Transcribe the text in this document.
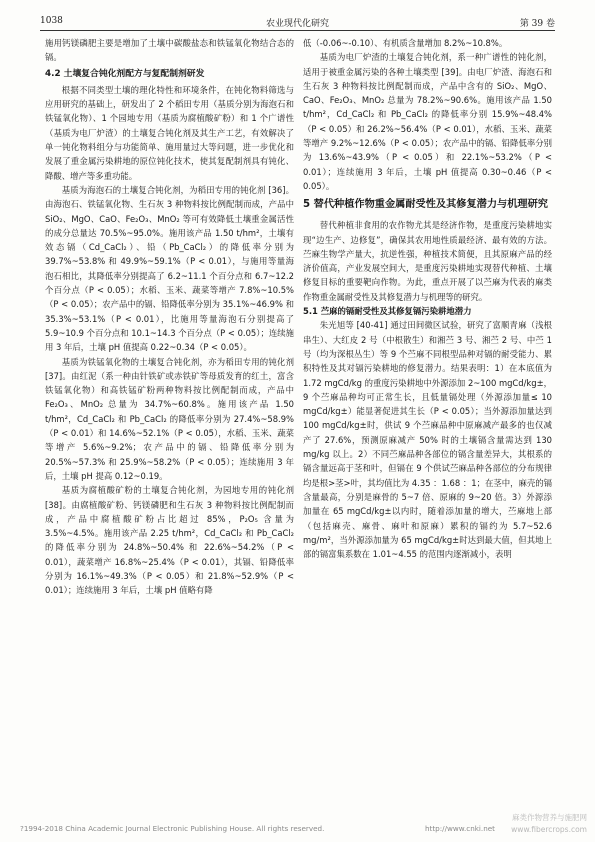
1038	农业现代化研究	第 39 卷

施用钙镁磷肥主要是增加了土壤中碳酸盐态和铁锰氧化物结合态的镉。

4.2 土壤复合钝化剂配方与复配制剂研发

根据不同类型土壤的理化特性和环境条件，在钝化物料筛选与应用研究的基础上，研发出了 2 个稻田专用（基质分别为海泡石和铁锰氧化物）、1 个园地专用（基质为腐植酸矿粉）和 1 个广谱性（基质为电厂炉渣）的土壤复合钝化剂及其生产工艺，有效解决了单一钝化物料组分与功能简单、施用量过大等问题，进一步优化和发展了重金属污染耕地的原位钝化技术，使其复配制剂具有钝化、降酸、增产等多重功能。

基质为海泡石的土壤复合钝化剂，为稻田专用的钝化剂 [36]。由海泡石、铁锰氧化物、生石灰 3 种物料按比例配制而成，产品中 SiO₂、MgO、CaO、Fe₂O₃、MnO₂ 等可有效降低土壤重金属活性的成分总量达 70.5%~95.0%。施用该产品 1.50 t/hm²，土壤有效态镉（Cd_CaCl₂）、铅（Pb_CaCl₂）的降低率分别为 39.7%~53.8% 和 49.9%~59.1%（P < 0.01），与施用等量海泡石相比，其降低率分别提高了 6.2~11.1 个百分点和 6.7~12.2 个百分点（P < 0.05）；水稻、玉米、蔬菜等增产 7.8%~10.5%（P < 0.05）；农产品中的镉、铅降低率分别为 35.1%~46.9% 和 35.3%~53.1%（P < 0.01），比施用等量海泡石分别提高了 5.9~10.9 个百分点和 10.1~14.3 个百分点（P < 0.05）；连续施用 3 年后，土壤 pH 值提高 0.22~0.34（P < 0.05）。

基质为铁锰氧化物的土壤复合钝化剂，亦为稻田专用的钝化剂 [37]。由红泥（系一种由针铁矿或赤铁矿等母质发育的红土，富含铁锰氧化物）和高铁锰矿粉两种物料按比例配制而成，产品中 Fe₂O₃、MnO₂ 总量为 34.7%~60.8%。施用该产品 1.50 t/hm²，Cd_CaCl₂ 和 Pb_CaCl₂ 的降低率分别为 27.4%~58.9%（P < 0.01）和 14.6%~52.1%（P < 0.05），水稻、玉米、蔬菜等增产 5.6%~9.2%；农产品中的镉、铅降低率分别为 20.5%~57.3% 和 25.9%~58.2%（P < 0.05）；连续施用 3 年后，土壤 pH 提高 0.12~0.19。

基质为腐植酸矿粉的土壤复合钝化剂，为园地专用的钝化剂 [38]。由腐植酸矿粉、钙镁磷肥和生石灰 3 种物料按比例配制而成，产品中腐植酸矿粉占比超过 85%，P₂O₅ 含量为 3.5%~4.5%。施用该产品 2.25 t/hm²，Cd_CaCl₂ 和 Pb_CaCl₂ 的降低率分别为 24.8%~50.4% 和 22.6%~54.2%（P < 0.01），蔬菜增产 16.8%~25.4%（P < 0.01），其镉、铅降低率分别为 16.1%~49.3%（P < 0.05）和 21.8%~52.9%（P < 0.01）；连续施用 3 年后，土壤 pH 值略有降

低（-0.06~-0.10）、有机质含量增加 8.2%~10.8%。

基质为电厂炉渣的土壤复合钝化剂，系一种广谱性的钝化剂，适用于被重金属污染的各种土壤类型 [39]。由电厂炉渣、海泡石和生石灰 3 种物料按比例配制而成，产品中含有的 SiO₂、MgO、CaO、Fe₂O₃、MnO₂ 总量为 78.2%~90.6%。施用该产品 1.50 t/hm²，Cd_CaCl₂ 和 Pb_CaCl₂ 的降低率分别 15.9%~48.4%（P < 0.05）和 26.2%~56.4%（P < 0.01），水稻、玉米、蔬菜等增产 9.2%~12.6%（P < 0.05）；农产品中的镉、铅降低率分别为 13.6%~43.9%（P < 0.05）和 22.1%~53.2%（P < 0.01）；连续施用 3 年后，土壤 pH 值提高 0.30~0.46（P < 0.05）。

5 替代种植作物重金属耐受性及其修复潜力与机理研究

替代种植非食用的农作物尤其是经济作物，是重度污染耕地实现“边生产、边修复”，确保其农用地性质最经济、最有效的方法。苎麻生物学产量大，抗逆性强，种植技术简便，且其原麻产品的经济价值高，产业发展空间大，是重度污染耕地实现替代种植、土壤修复目标的重要靶向作物。为此，重点开展了以苎麻为代表的麻类作物重金属耐受性及其修复潜力与机理等的研究。

5.1 苎麻的镉耐受性及其修复镉污染耕地潜力

朱光旭等 [40-41] 通过田间微区试验，研究了富顺青麻（浅根串生）、大红皮 2 号（中根散生）和湘苎 3 号、湘苎 2 号、中苎 1 号（均为深根丛生）等 9 个苎麻不同根型品种对镉的耐受能力、累积特性及其对镉污染耕地的修复潜力。结果表明：1）在本底值为 1.72 mgCd/kg 的重度污染耕地中外源添加 2~100 mgCd/kg±，9 个苎麻品种均可正常生长，且低量镉处理（外源添加量≤ 10 mgCd/kg±）能显著促进其生长（P < 0.05）；当外源添加量达到 100 mgCd/kg±时，供试 9 个苎麻品种中原麻减产最多的也仅减产了 27.6%，预测原麻减产 50% 时的土壤镉含量需达到 130 mg/kg 以上。2）不同苎麻品种各部位的镉含量差异大，其根系的镉含量远高于茎和叶，但镉在 9 个供试苎麻品种各部位的分布规律均是根>茎>叶，其均值比为 4.35 ：1.68 ：1；在茎中，麻壳的镉含量最高，分别是麻骨的 5~7 倍、原麻的 9~20 倍。3）外源添加量在 65 mgCd/kg±以内时，随着添加量的增大，苎麻地上部（包括麻壳、麻骨、麻叶和原麻）累积的镉约为 5.7~52.6 mg/m²，当外源添加量为 65 mgCd/kg±时达到最大值，但其地上部的镉富集系数在 1.01~4.55 的范围内逐渐减小，表明

?1994-2018 China Academic Journal Electronic Publishing House. All rights reserved.	http://www.cnki.net
麻类作物营养与施肥网
www.fibercrops.com
